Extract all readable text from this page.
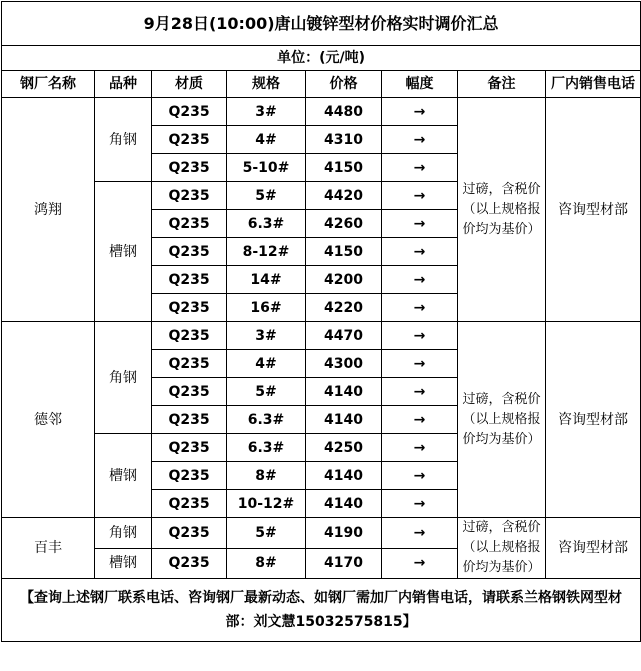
9月28日(10:00)唐山镀锌型材价格实时调价汇总							
单位：(元/吨)							
钢厂名称	品种	材质	规格	价格	幅度	备注	厂内销售电话
鸿翔	角钢	Q235	3#	4480	→	过磅，含税价（以上规格报价均为基价）	咨询型材部
		Q235	4#	4310	→		
		Q235	5-10#	4150	→		
	槽钢	Q235	5#	4420	→		
		Q235	6.3#	4260	→		
		Q235	8-12#	4150	→		
		Q235	14#	4200	→		
		Q235	16#	4220	→		
德邻	角钢	Q235	3#	4470	→	过磅，含税价（以上规格报价均为基价）	咨询型材部
		Q235	4#	4300	→		
		Q235	5#	4140	→		
		Q235	6.3#	4140	→		
	槽钢	Q235	6.3#	4250	→		
		Q235	8#	4140	→		
		Q235	10-12#	4140	→		
百丰	角钢	Q235	5#	4190	→	过磅，含税价（以上规格报价均为基价）	咨询型材部
	槽钢	Q235	8#	4170	→		
【查询上述钢厂联系电话、咨询钢厂最新动态、如钢厂需加厂内销售电话，请联系兰格钢铁网型材部：刘文慧15032575815】							
